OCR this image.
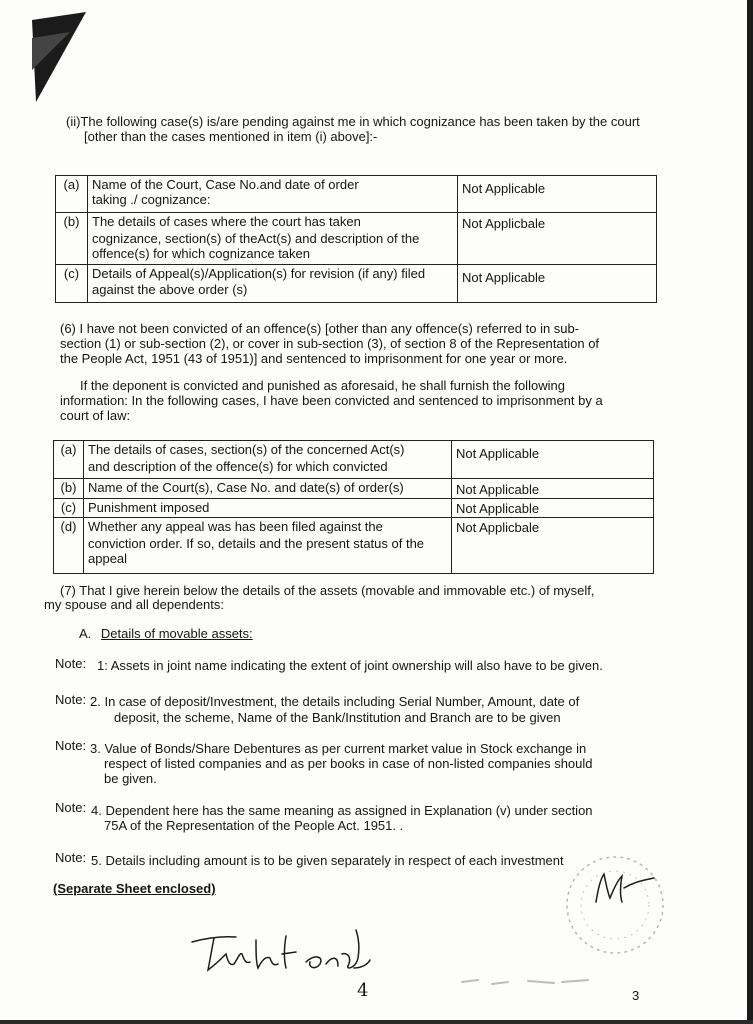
(ii)The following case(s) is/are pending against me in which cognizance has been taken by the court
[other than the cases mentioned in item (i) above]:-
(a)	Name of the Court, Case No.and date of order
taking ./ cognizance:	Not Applicable
(b)	The details of cases where the court has taken
cognizance, section(s) of theAct(s) and description of the
offence(s) for which cognizance taken	Not Applicbale
(c)	Details of Appeal(s)/Application(s) for revision (if any) filed
against the above order (s)	Not Applicable
(6) I have not been convicted of an offence(s) [other than any offence(s) referred to in sub-
section (1) or sub-section (2), or cover in sub-section (3), of section 8 of the Representation of
the People Act, 1951 (43 of 1951)] and sentenced to imprisonment for one year or more.
If the deponent is convicted and punished as aforesaid, he shall furnish the following
information: In the following cases, I have been convicted and sentenced to imprisonment by a
court of law:
(a)	The details of cases, section(s) of the concerned Act(s)
and description of the offence(s) for which convicted	Not Applicable
(b)	Name of the Court(s), Case No. and date(s) of order(s)	Not Applicable
(c)	Punishment imposed	Not Applicable
(d)	Whether any appeal was has been filed against the
conviction order. If so, details and the present status of the
appeal	Not Applicbale
(7) That I give herein below the details of the assets (movable and immovable etc.) of myself,
my spouse and all dependents:
A. Details of movable assets:
Note: 1: Assets in joint name indicating the extent of joint ownership will also have to be given.
Note: 2. In case of deposit/Investment, the details including Serial Number, Amount, date of
deposit, the scheme, Name of the Bank/Institution and Branch are to be given
Note: 3. Value of Bonds/Share Debentures as per current market value in Stock exchange in
respect of listed companies and as per books in case of non-listed companies should
be given.
Note: 4. Dependent here has the same meaning as assigned in Explanation (v) under section
75A of the Representation of the People Act. 1951. .
Note: 5. Details including amount is to be given separately in respect of each investment
(Separate Sheet enclosed)
4	3
